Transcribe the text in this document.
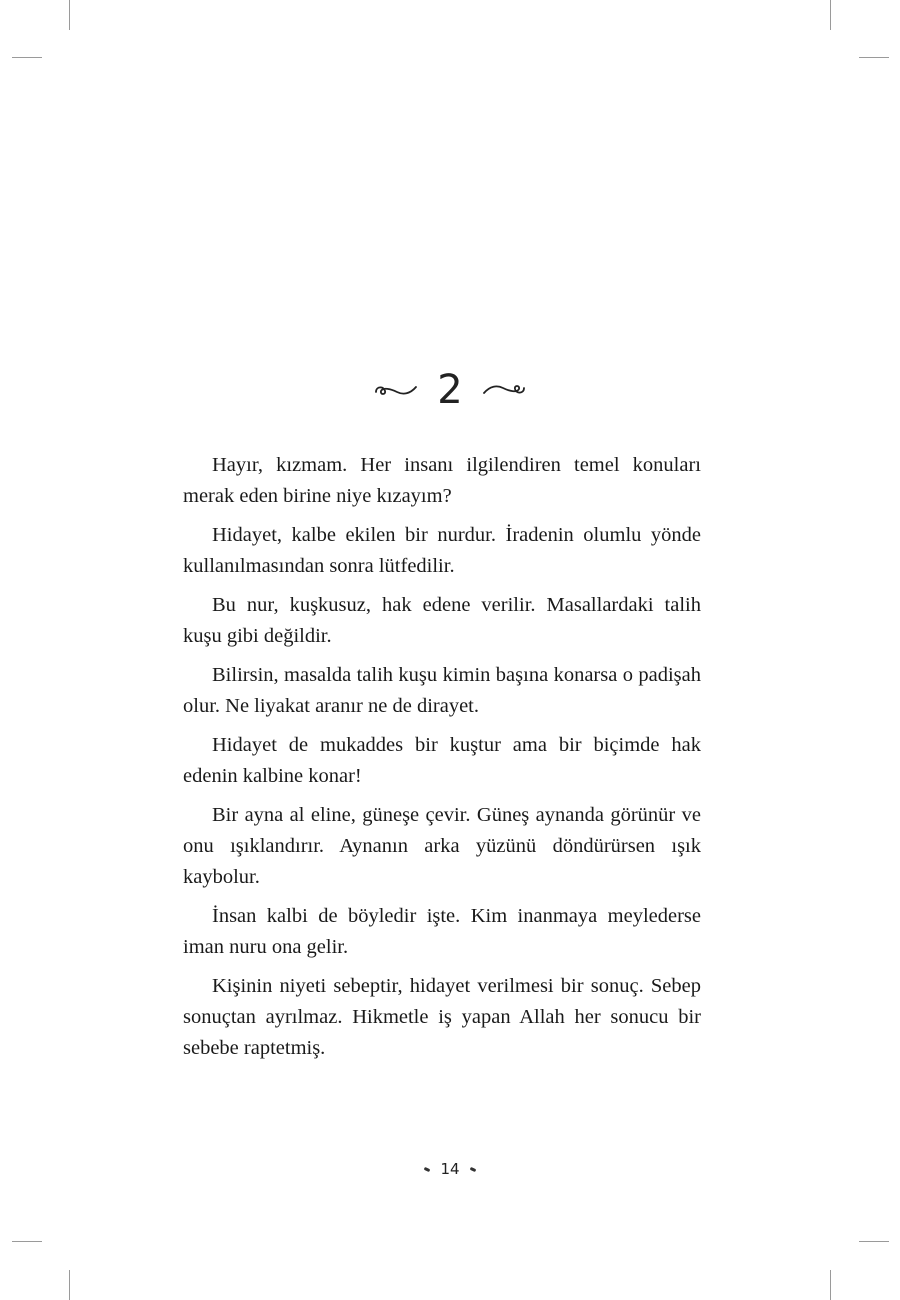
2

Hayır, kızmam. Her insanı ilgilendiren temel konuları merak eden birine niye kızayım?

Hidayet, kalbe ekilen bir nurdur. İradenin olumlu yönde kullanılmasından sonra lütfedilir.

Bu nur, kuşkusuz, hak edene verilir. Masallardaki talih kuşu gibi değildir.

Bilirsin, masalda talih kuşu kimin başına konarsa o padişah olur. Ne liyakat aranır ne de dirayet.

Hidayet de mukaddes bir kuştur ama bir biçimde hak edenin kalbine konar!

Bir ayna al eline, güneşe çevir. Güneş aynanda görünür ve onu ışıklandırır. Aynanın arka yüzünü döndürürsen ışık kaybolur.

İnsan kalbi de böyledir işte. Kim inanmaya meylederse iman nuru ona gelir.

Kişinin niyeti sebeptir, hidayet verilmesi bir sonuç. Sebep sonuçtan ayrılmaz. Hikmetle iş yapan Allah her sonucu bir sebebe raptetmiş.

14
